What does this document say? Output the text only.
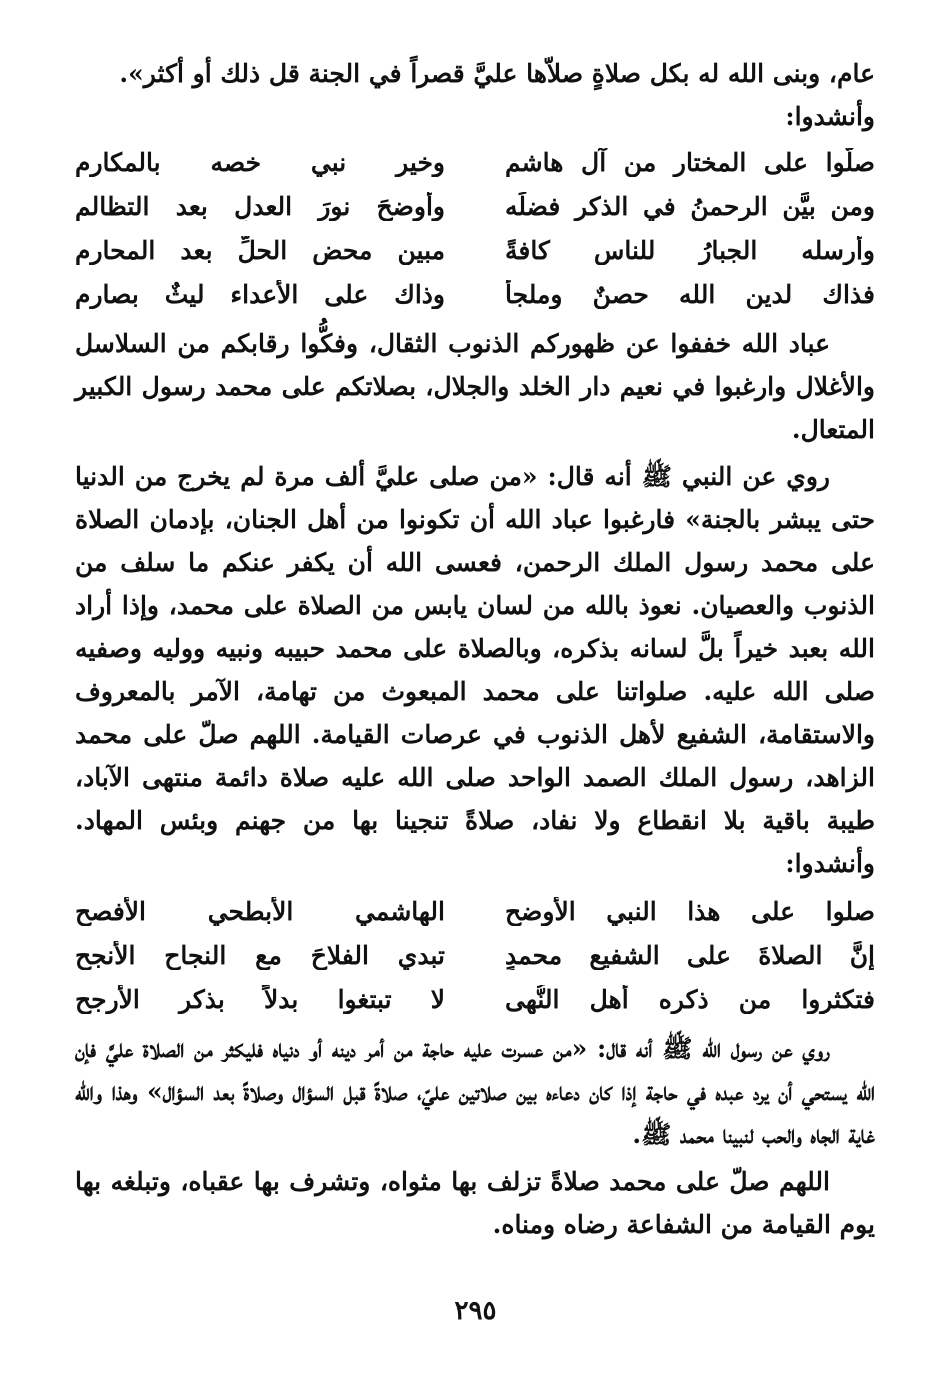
عام، وبنى الله له بكل صلاةٍ صلاّها عليَّ قصراً في الجنة قل ذلك أو أكثر».

وأنشدوا:

صلُّوا على المختار من آل هاشم
وخير نبي خصه بالمكارم
ومن بيَّن الرحمنُ في الذكر فضلَه
وأوضحَ نورَ العدلِ بعد التظالمِ
وأرسله الجبارُ للناس كافةً
مبين محضِ الحلِّ بعد المحارمِ
فذاك لدينِ الله حصنٌ وملجأٌ
وذاك على الأعداء ليثٌ بصارمِ

عباد الله خففوا عن ظهوركم الذنوب الثقال، وفكُّوا رقابكم من السلاسل والأغلال وارغبوا في نعيم دار الخلد والجلال، بصلاتكم على محمد رسول الكبير المتعال.

روي عن النبي ﷺ أنه قال: «من صلى عليَّ ألف مرة لم يخرج من الدنيا حتى يبشر بالجنة» فارغبوا عباد الله أن تكونوا من أهل الجنان، بإدمان الصلاة على محمد رسول الملك الرحمن، فعسى الله أن يكفر عنكم ما سلف من الذنوب والعصيان. نعوذ بالله من لسان يابس من الصلاة على محمد، وإذا أراد الله بعبد خيراً بلَّ لسانه بذكره، وبالصلاة على محمد حبيبه ونبيه ووليه وصفيه صلى الله عليه. صلواتنا على محمد المبعوث من تهامة، الآمر بالمعروف والاستقامة، الشفيع لأهل الذنوب في عرصات القيامة. اللهم صلّ على محمد الزاهد، رسول الملك الصمد الواحد صلى الله عليه صلاة دائمة منتهى الآباد، طيبة باقية بلا انقطاع ولا نفاد، صلاةً تنجينا بها من جهنم وبئس المهاد. وأنشدوا:

صلوا على هذا النبي الأوضح
الهاشمي الأبطحي الأفصح
إنَّ الصلاةَ على الشفيع محمدٍ
تبدي الفلاحَ مع النجاح الأنجحِ
فتكثروا من ذكره أهل النُّهى
لا تبتغوا بدلاً بذكرِ الأرجحِ

روي عن رسول الله ﷺ أنه قال: «من عسرت عليه حاجة من أمر دينه أو دنياه فليكثر من الصلاة عليَّ فإن الله يستحي أن يرد عبده في حاجة إذا كان دعاءه بين صلاتين عليّ، صلاةً قبل السؤال وصلاةً بعد السؤال» وهذا والله غاية الجاه والحب لنبينا محمد ﷺ.

اللهم صلّ على محمد صلاةً تزلف بها مثواه، وتشرف بها عقباه، وتبلغه بها يوم القيامة من الشفاعة رضاه ومناه.

٢٩٥
